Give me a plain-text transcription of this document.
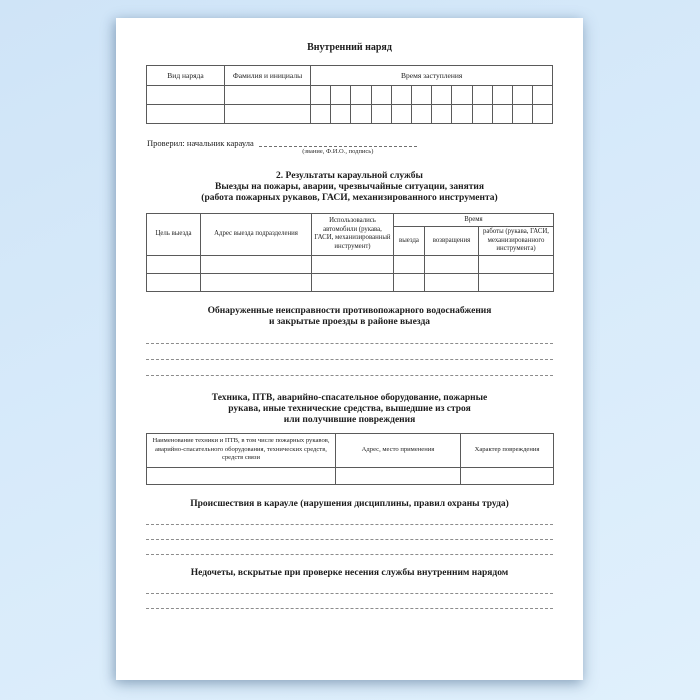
Внутренний наряд
Вид наряда	Фамилия и инициалы	Время заступления											

Проверил: начальник караула
(звание, Ф.И.О., подпись)
2. Результаты караульной службы
Выезды на пожары, аварии, чрезвычайные ситуации, занятия
(работа пожарных рукавов, ГАСИ, механизированного инструмента)
Цель выезда	Адрес выезда подразделения	Использовались автомобили (рукава, ГАСИ, механизированный инструмент)	Время		
			выезда	возвращения	работы (рукава, ГАСИ, механизированного инструмента)

Обнаруженные неисправности противопожарного водоснабжения
и закрытые проезды в районе выезда
Техника, ПТВ, аварийно-спасательное оборудование, пожарные
рукава, иные технические средства, вышедшие из строя
или получившие повреждения
Наименование техники и ПТВ, в том числе пожарных рукавов, аварийно-спасательного оборудования, технических средств, средств связи	Адрес, место применения	Характер повреждения

Происшествия в карауле (нарушения дисциплины, правил охраны труда)
Недочеты, вскрытые при проверке несения службы внутренним нарядом
